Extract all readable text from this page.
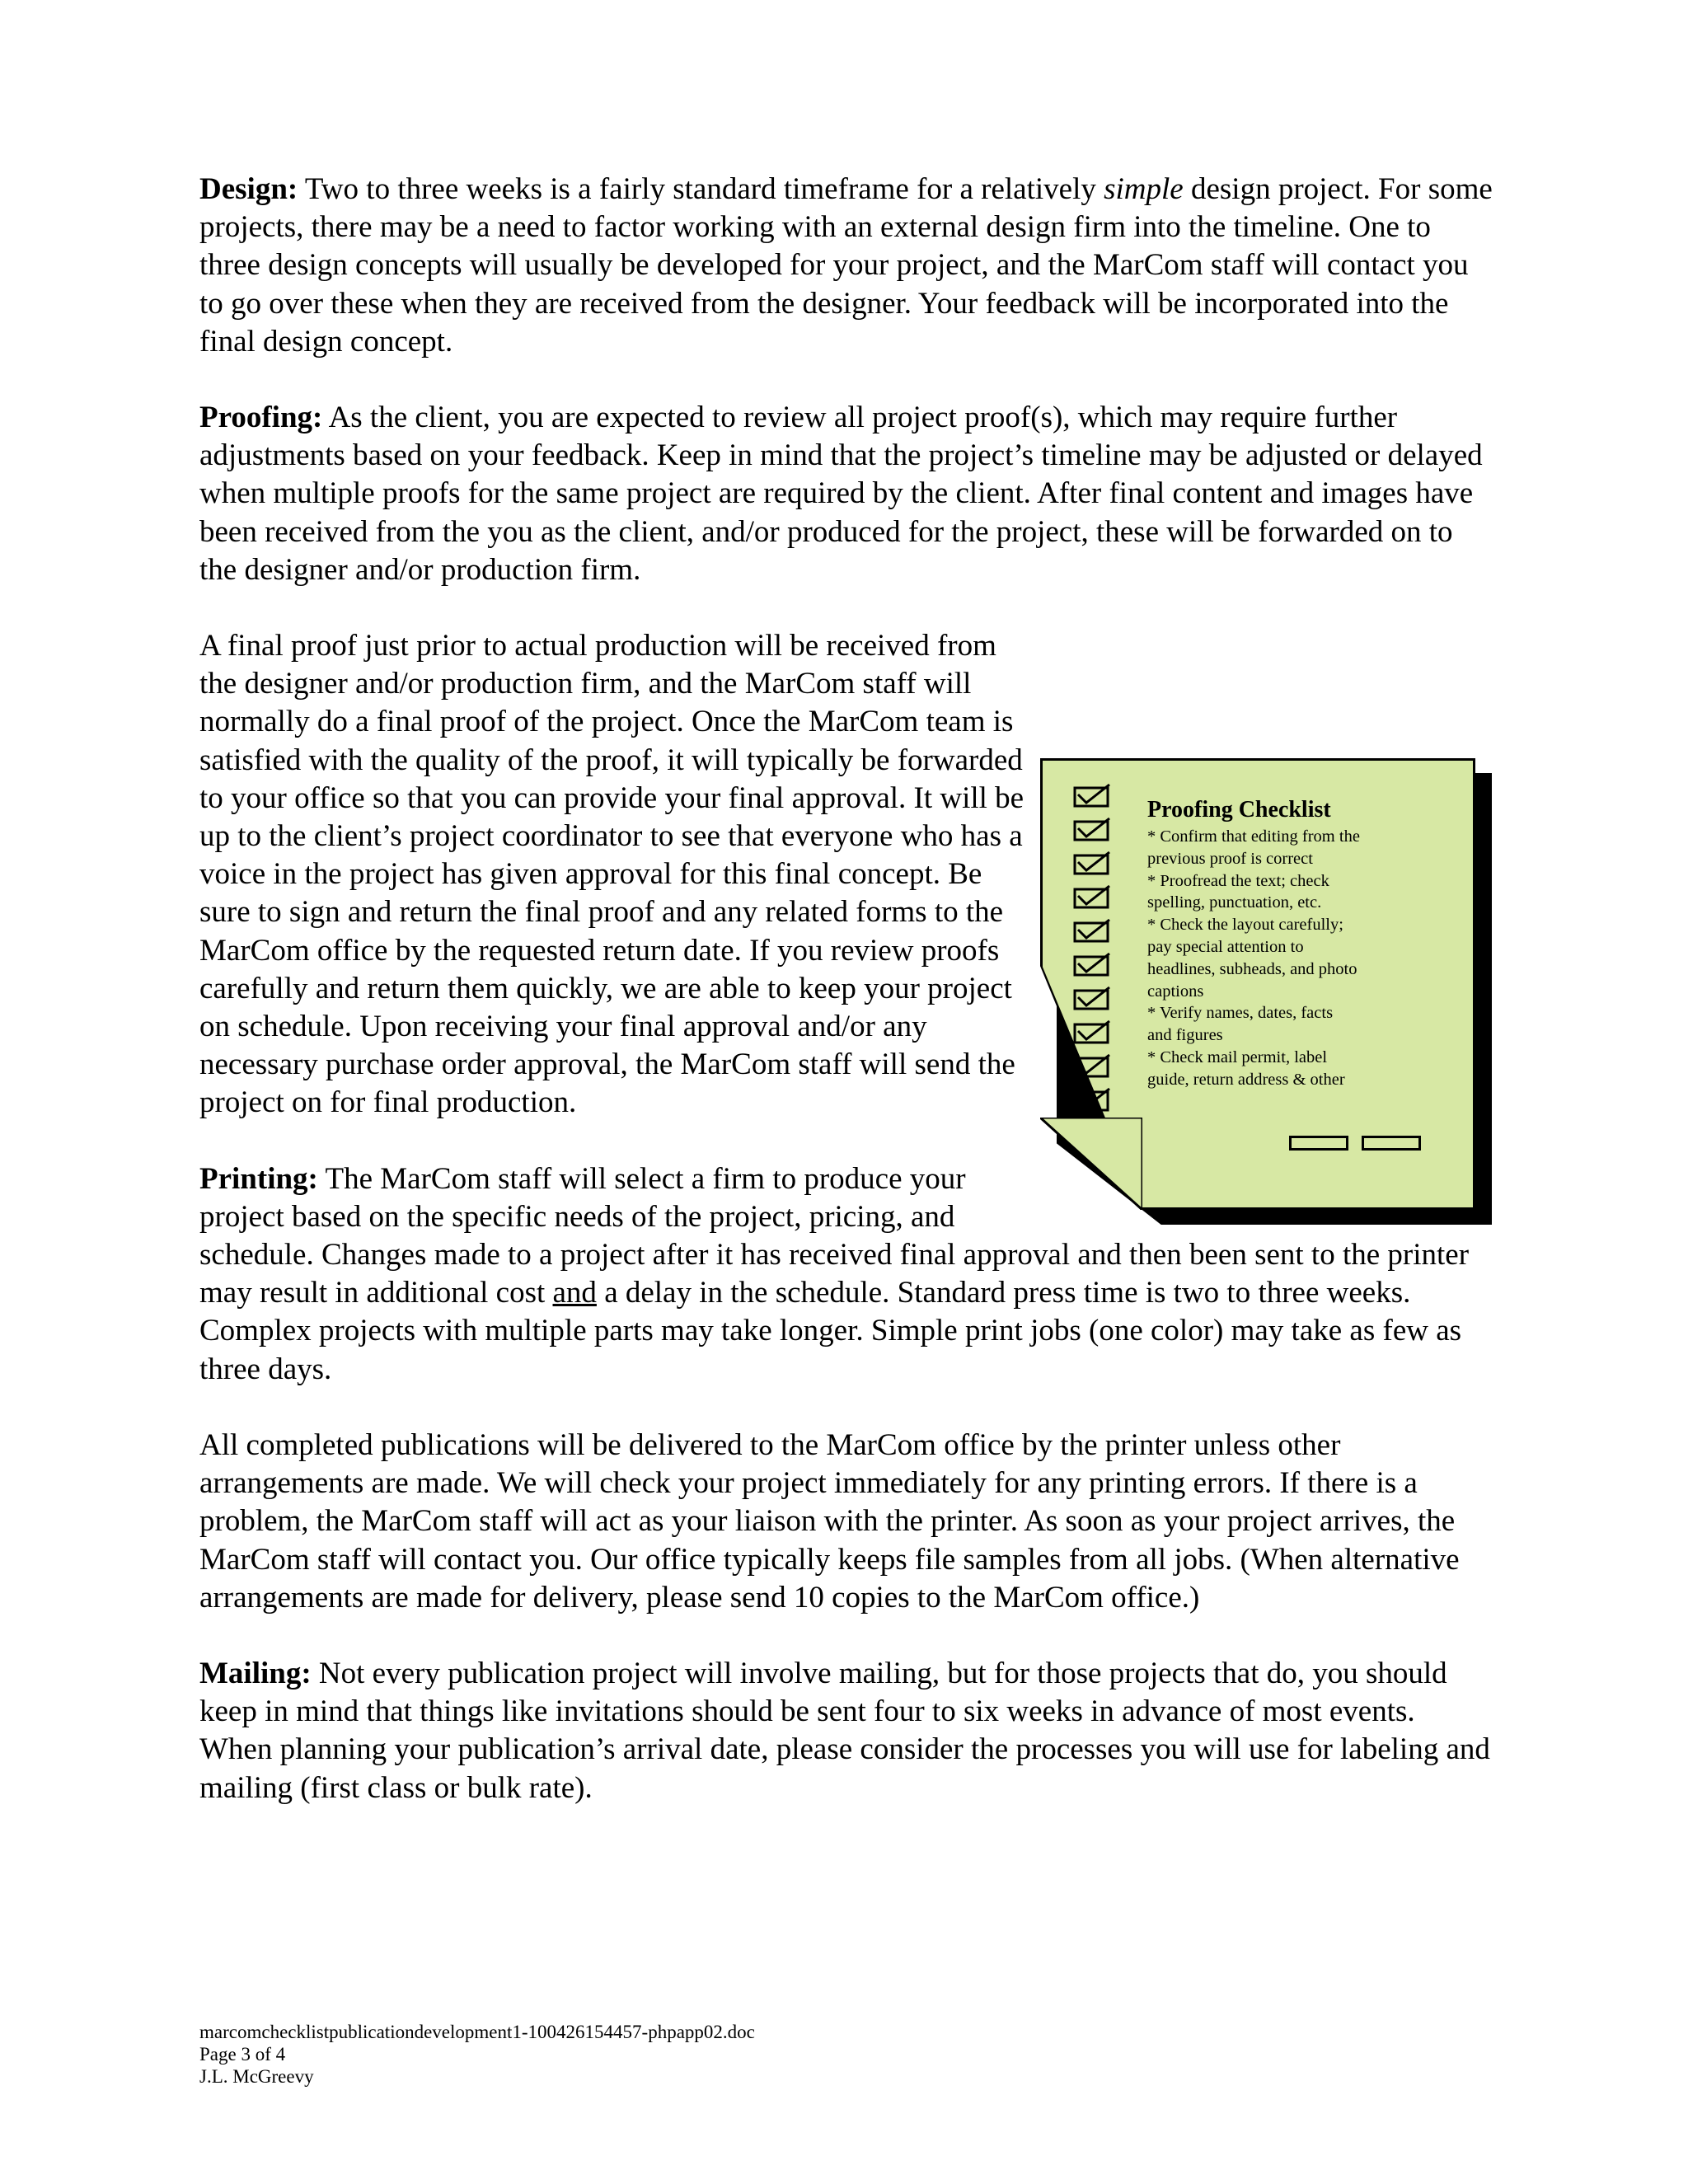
Design: Two to three weeks is a fairly standard timeframe for a relatively simple design project. For some projects, there may be a need to factor working with an external design firm into the timeline. One to three design concepts will usually be developed for your project, and the MarCom staff will contact you to go over these when they are received from the designer. Your feedback will be incorporated into the final design concept.

Proofing: As the client, you are expected to review all project proof(s), which may require further adjustments based on your feedback. Keep in mind that the project’s timeline may be adjusted or delayed when multiple proofs for the same project are required by the client. After final content and images have been received from the you as the client, and/or produced for the project, these will be forwarded on to the designer and/or production firm.

A final proof just prior to actual production will be received from the designer and/or production firm, and the MarCom staff will normally do a final proof of the project. Once the MarCom team is satisfied with the quality of the proof, it will typically be forwarded to your office so that you can provide your final approval. It will be up to the client’s project coordinator to see that everyone who has a voice in the project has given approval for this final concept. Be sure to sign and return the final proof and any related forms to the MarCom office by the requested return date. If you review proofs carefully and return them quickly, we are able to keep your project on schedule. Upon receiving your final approval and/or any necessary purchase order approval, the MarCom staff will send the project on for final production.

Printing: The MarCom staff will select a firm to produce your project based on the specific needs of the project, pricing, and schedule. Changes made to a project after it has received final approval and then been sent to the printer may result in additional cost and a delay in the schedule. Standard press time is two to three weeks. Complex projects with multiple parts may take longer. Simple print jobs (one color) may take as few as three days.

All completed publications will be delivered to the MarCom office by the printer unless other arrangements are made. We will check your project immediately for any printing errors. If there is a problem, the MarCom staff will act as your liaison with the printer. As soon as your project arrives, the MarCom staff will contact you. Our office typically keeps file samples from all jobs. (When alternative arrangements are made for delivery, please send 10 copies to the MarCom office.)

Mailing: Not every publication project will involve mailing, but for those projects that do, you should keep in mind that things like invitations should be sent four to six weeks in advance of most events. When planning your publication’s arrival date, please consider the processes you will use for labeling and mailing (first class or bulk rate).

Proofing Checklist
* Confirm that editing from the
previous proof is correct
* Proofread the text; check
spelling, punctuation, etc.
* Check the layout carefully;
pay special attention to
headlines, subheads, and photo
captions
* Verify names, dates, facts
and figures
* Check mail permit, label
guide, return address & other
marcomchecklistpublicationdevelopment1-100426154457-phpapp02.doc
Page 3 of 4
J.L. McGreevy
